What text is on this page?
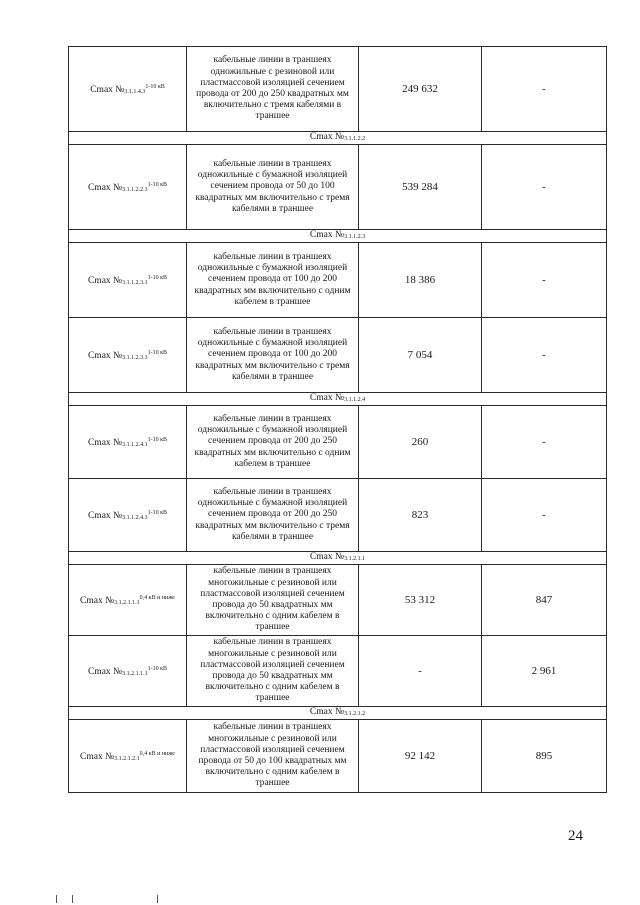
Cmax $№_{3.1.1.4.3}^{1-10 кВ}$	кабельные линии в траншеях одножильные с резиновой или пластмассовой изоляцией сечением провода от 200 до 250 квадратных мм включительно с тремя кабелями в траншее	249 632	-
Cmax $№_{3.1.1.2.2}$
Cmax $№_{3.1.1.2.2.3}^{1-10 кВ}$	кабельные линии в траншеях одножильные с бумажной изоляцией сечением провода от 50 до 100 квадратных мм включительно с тремя кабелями в траншее	539 284	-
Cmax $№_{3.1.1.2.3}$
Cmax $№_{3.1.1.2.3.1}^{1-10 кВ}$	кабельные линии в траншеях одножильные с бумажной изоляцией сечением провода от 100 до 200 квадратных мм включительно с одним кабелем в траншее	18 386	-
Cmax $№_{3.1.1.2.3.3}^{1-10 кВ}$	кабельные линии в траншеях одножильные с бумажной изоляцией сечением провода от 100 до 200 квадратных мм включительно с тремя кабелями в траншее	7 054	-
Cmax $№_{3.1.1.2.4}$
Cmax $№_{3.1.1.2.4.1}^{1-10 кВ}$	кабельные линии в траншеях одножильные с бумажной изоляцией сечением провода от 200 до 250 квадратных мм включительно с одним кабелем в траншее	260	-
Cmax $№_{3.1.1.2.4.3}^{1-10 кВ}$	кабельные линии в траншеях одножильные с бумажной изоляцией сечением провода от 200 до 250 квадратных мм включительно с тремя кабелями в траншее	823	-
Cmax $№_{3.1.2.1.1}$
Cmax $№_{3.1.2.1.1.1}^{0,4 кВ и ниже}$	кабельные линии в траншеях многожильные с резиновой или пластмассовой изоляцией сечением провода до 50 квадратных мм включительно с одним кабелем в траншее	53 312	847
Cmax $№_{3.1.2.1.1.1}^{1-10 кВ}$	кабельные линии в траншеях многожильные с резиновой или пластмассовой изоляцией сечением провода до 50 квадратных мм включительно с одним кабелем в траншее	-	2 961
Cmax $№_{3.1.2.1.2}$
Cmax $№_{3.1.2.1.2.1}^{0,4 кВ и ниже}$	кабельные линии в траншеях многожильные с резиновой или пластмассовой изоляцией сечением провода от 50 до 100 квадратных мм включительно с одним кабелем в траншее	92 142	895
24
